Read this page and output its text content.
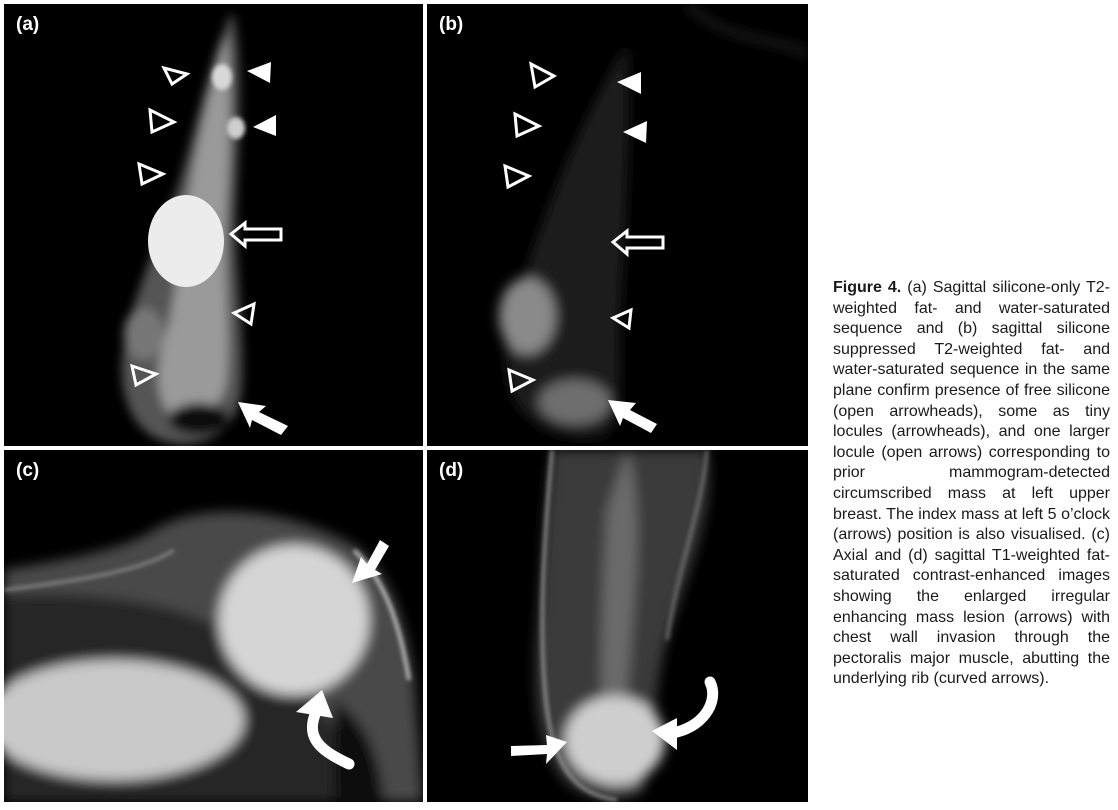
(a)	(b)
(c)	(d)
Figure 4. (a) Sagittal silicone-only T2-weighted fat- and water-saturated sequence and (b) sagittal silicone suppressed T2-weighted fat- and water-saturated sequence in the same plane confirm presence of free silicone (open arrowheads), some as tiny locules (arrowheads), and one larger locule (open arrows) corresponding to prior mammogram-detected circumscribed mass at left upper breast. The index mass at left 5 o’clock (arrows) position is also visualised. (c) Axial and (d) sagittal T1-weighted fat-saturated contrast-enhanced images showing the enlarged irregular enhancing mass lesion (arrows) with chest wall invasion through the pectoralis major muscle, abutting the underlying rib (curved arrows).
